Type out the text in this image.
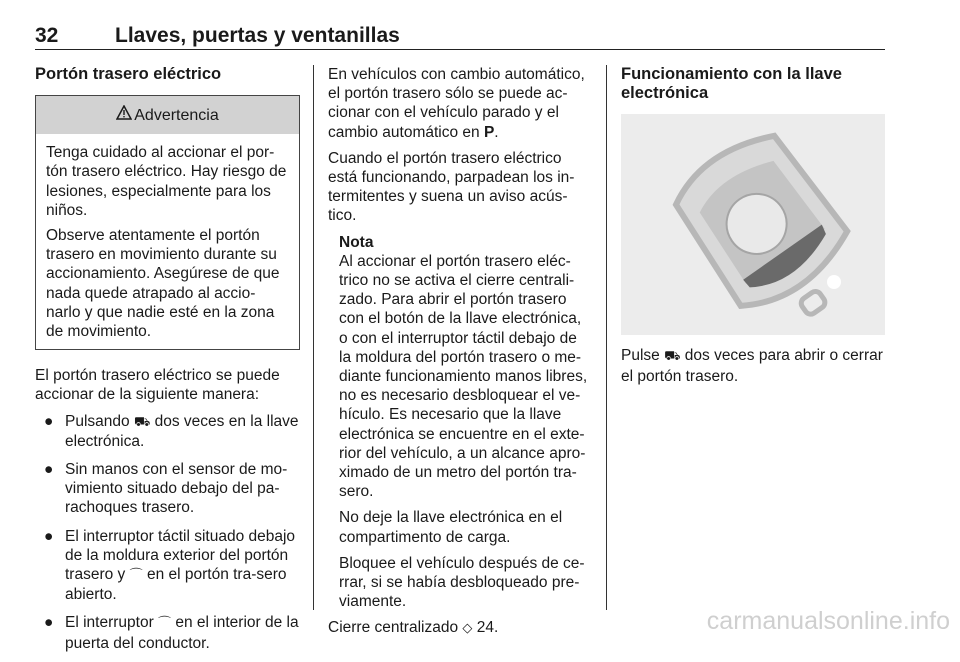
32	Llaves, puertas y ventanillas
Portón trasero eléctrico
Advertencia

Tenga cuidado al accionar el por-tón trasero eléctrico. Hay riesgo de lesiones, especialmente para los niños.

Observe atentamente el portón trasero en movimiento durante su accionamiento. Asegúrese de que nada quede atrapado al accio-narlo y que nadie esté en la zona de movimiento.

El portón trasero eléctrico se puede accionar de la siguiente manera:

● Pulsando ⛟ dos veces en la llave electrónica.
● Sin manos con el sensor de mo-vimiento situado debajo del pa-rachoques trasero.
● El interruptor táctil situado debajo de la moldura exterior del portón trasero y ⌒ en el portón tra-sero abierto.
● El interruptor ⌒ en el interior de la puerta del conductor.

En vehículos con cambio automático, el portón trasero sólo se puede ac-cionar con el vehículo parado y el cambio automático en P.

Cuando el portón trasero eléctrico está funcionando, parpadean los in-termitentes y suena un aviso acús-tico.

Nota

Al accionar el portón trasero eléc-trico no se activa el cierre centrali-zado. Para abrir el portón trasero con el botón de la llave electrónica, o con el interruptor táctil debajo de la moldura del portón trasero o me-diante funcionamiento manos libres, no es necesario desbloquear el ve-hículo. Es necesario que la llave electrónica se encuentre en el exte-rior del vehículo, a un alcance apro-ximado de un metro del portón tra-sero.

No deje la llave electrónica en el compartimento de carga.

Bloquee el vehículo después de ce-rrar, si se había desbloqueado pre-viamente.

Cierre centralizado ◇ 24.

Funcionamiento con la llave electrónica

Pulse ⛟ dos veces para abrir o cerrar el portón trasero.

carmanualsonline.info
